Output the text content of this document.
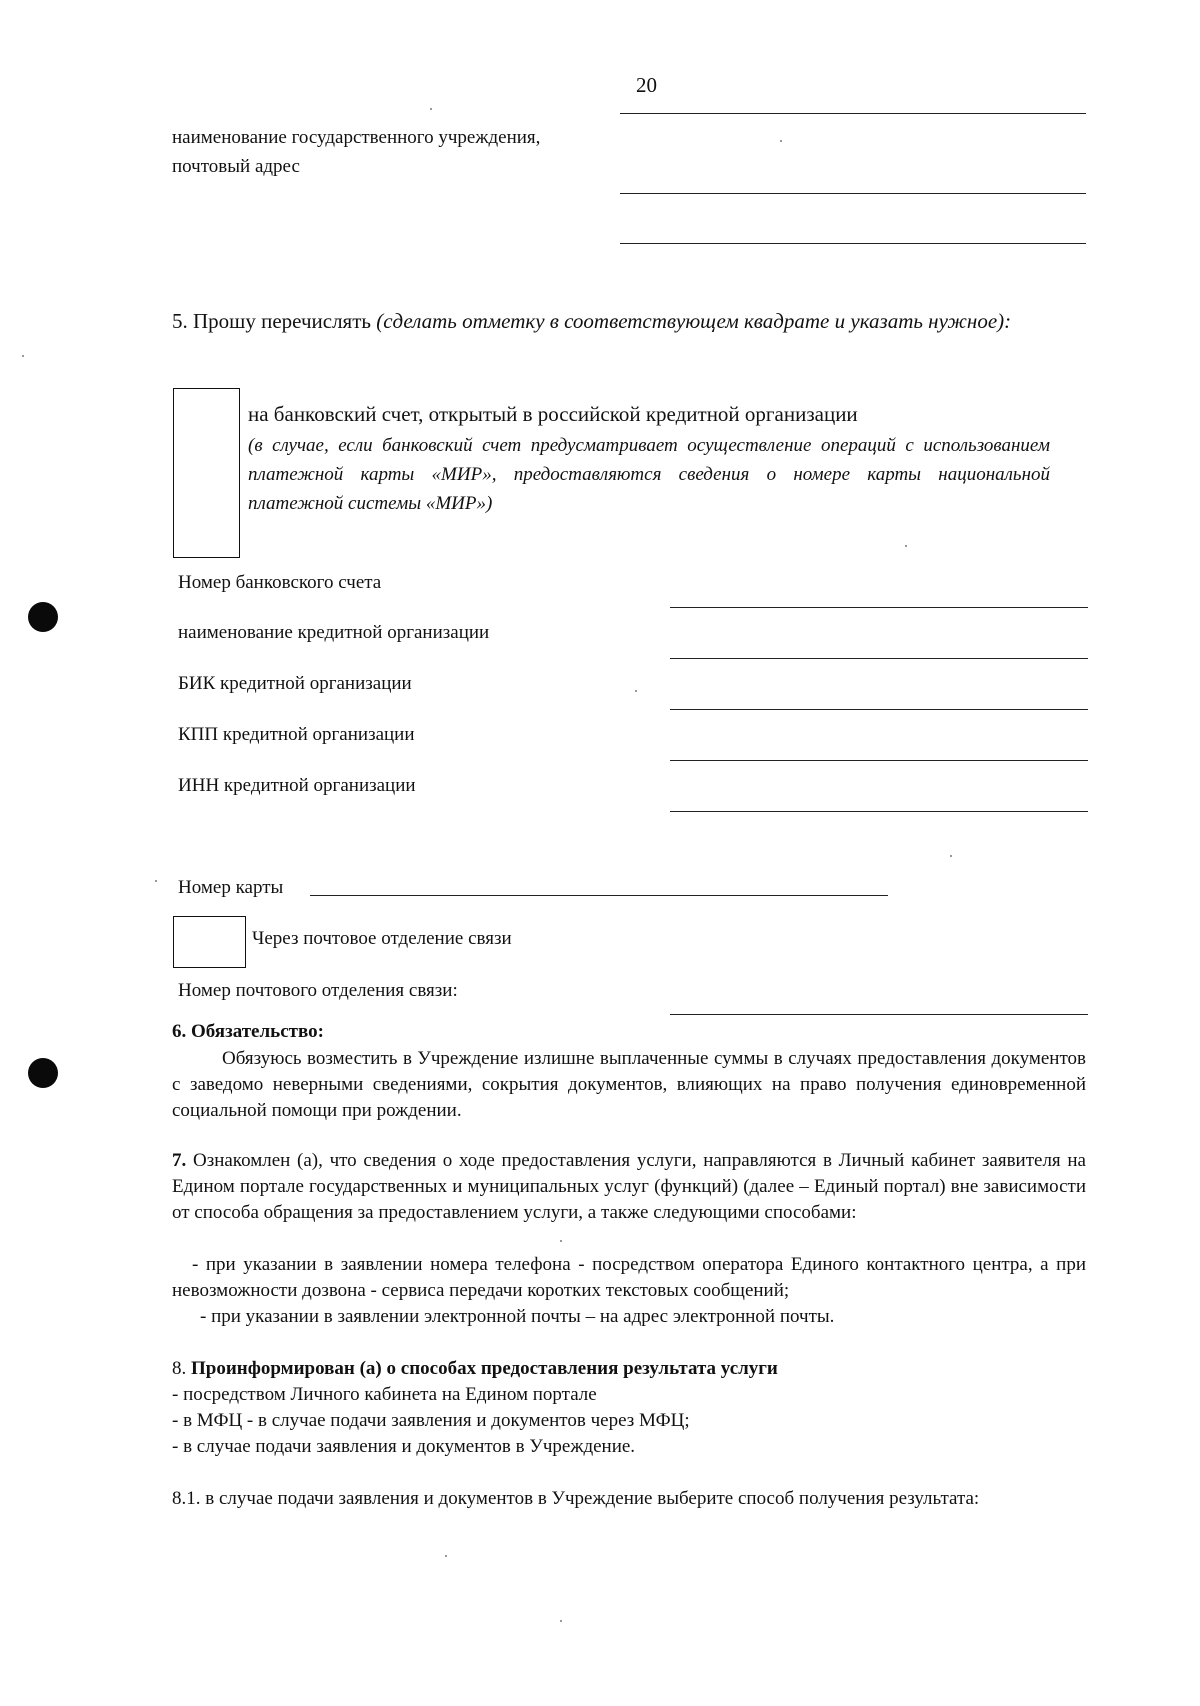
20
наименование государственного учреждения,
почтовый адрес
5. Прошу перечислять (сделать отметку в соответствующем квадрате и указать нужное):
на банковский счет, открытый в российской кредитной организации
(в случае, если банковский счет предусматривает осуществление операций с использованием платежной карты «МИР», предоставляются сведения о номере карты национальной платежной системы «МИР»)
Номер банковского счета
наименование кредитной организации
БИК кредитной организации
КПП кредитной организации
ИНН кредитной организации
Номер карты
Через почтовое отделение связи
Номер почтового отделения связи:
6. Обязательство:
Обязуюсь возместить в Учреждение излишне выплаченные суммы в случаях предоставления документов с заведомо неверными сведениями, сокрытия документов, влияющих на право получения единовременной социальной помощи при рождении.
7. Ознакомлен (а), что сведения о ходе предоставления услуги, направляются в Личный кабинет заявителя на Едином портале государственных и муниципальных услуг (функций) (далее – Единый портал) вне зависимости от способа обращения за предоставлением услуги, а также следующими способами:
- при указании в заявлении номера телефона - посредством оператора Единого контактного центра, а при невозможности дозвона - сервиса передачи коротких текстовых сообщений;
- при указании в заявлении электронной почты – на адрес электронной почты.
8. Проинформирован (а) о способах предоставления результата услуги
- посредством Личного кабинета на Едином портале
- в МФЦ - в случае подачи заявления и документов через МФЦ;
- в случае подачи заявления и документов в Учреждение.
8.1. в случае подачи заявления и документов в Учреждение выберите способ получения результата:
